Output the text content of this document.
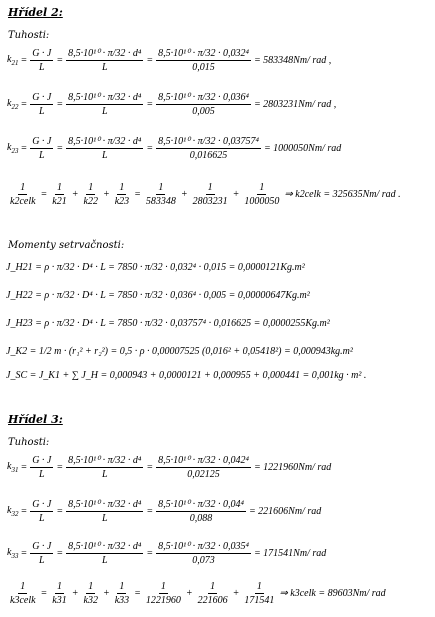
Hřídel 2:
Tuhosti:
$k_{21} = \frac{G \cdot J}{L} = \frac{\text{8,5·10¹⁰ · π/32 · d⁴}}{L} = \frac{\text{8,5·10¹⁰ · π/32 · 0,032⁴}}{0,015} = 583348Nm/$ rad ,
$k_{22} = \frac{G \cdot J}{L} = \frac{\text{8,5·10¹⁰ · π/32 · d⁴}}{L} = \frac{\text{8,5·10¹⁰ · π/32 · 0,036⁴}}{0,005} = 2803231Nm/$ rad ,
$k_{23} = \frac{G \cdot J}{L} = \frac{\text{8,5·10¹⁰ · π/32 · d⁴}}{L} = \frac{\text{8,5·10¹⁰ · π/32 · 0,03757⁴}}{0,016625} = 1000050Nm/$ rad
$\frac{1}{\text{k2celk}} = \frac{1}{k21} + \frac{1}{k22} + \frac{1}{k23} = \frac{1}{583348} + \frac{1}{2803231} + \frac{1}{1000050}$ ⇒ k2celk = 325635Nm/ rad .
Momenty setrvačnosti:
J_H21 = ρ · π/32 · D⁴ · L = 7850 · π/32 · 0,032⁴ · 0,015 = 0,0000121Kg.m²
J_H22 = ρ · π/32 · D⁴ · L = 7850 · π/32 · 0,036⁴ · 0,005 = 0,00000647Kg.m²
J_H23 = ρ · π/32 · D⁴ · L = 7850 · π/32 · 0,03757⁴ · 0,016625 = 0,0000255Kg.m²
J_K2 = 1/2 m · (r₁² + r₂²) = 0,5 · ρ · 0,00007525 (0,016² + 0,05418²) = 0,000943kg.m²
J_SC = J_K1 + ∑ J_H = 0,000943 + 0,0000121 + 0,000955 + 0,000441 = 0,001kg · m² .
Hřídel 3:
Tuhosti:
$k_{31} = \frac{G \cdot J}{L} = \frac{\text{8,5·10¹⁰ · π/32 · d⁴}}{L} = \frac{\text{8,5·10¹⁰ · π/32 · 0,042⁴}}{0,02125} = 1221960Nm/$ rad
$k_{32} = \frac{G \cdot J}{L} = \frac{\text{8,5·10¹⁰ · π/32 · d⁴}}{L} = \frac{\text{8,5·10¹⁰ · π/32 · 0,04⁴}}{0,088} = 221606Nm/$ rad
$k_{33} = \frac{G \cdot J}{L} = \frac{\text{8,5·10¹⁰ · π/32 · d⁴}}{L} = \frac{\text{8,5·10¹⁰ · π/32 · 0,035⁴}}{0,073} = 171541Nm/$ rad
$\frac{1}{\text{k3celk}} = \frac{1}{k31} + \frac{1}{k32} + \frac{1}{k33} = \frac{1}{1221960} + \frac{1}{221606} + \frac{1}{171541}$ ⇒ k3celk = 89603Nm/ rad
